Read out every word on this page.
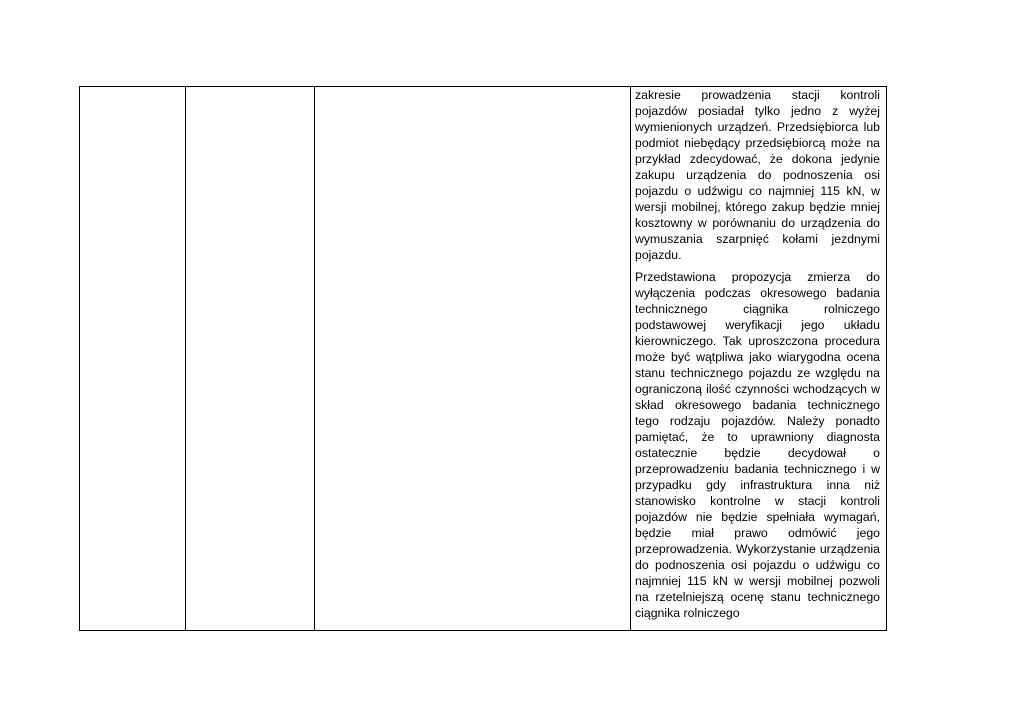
zakresie prowadzenia stacji kontroli pojazdów posiadał tylko jedno z wyżej wymienionych urządzeń. Przedsiębiorca lub podmiot niebędący przedsiębiorcą może na przykład zdecydować, że dokona jedynie zakupu urządzenia do podnoszenia osi pojazdu o udźwigu co najmniej 115 kN, w wersji mobilnej, którego zakup będzie mniej kosztowny w porównaniu do urządzenia do wymuszania szarpnięć kołami jezdnymi pojazdu.

Przedstawiona propozycja zmierza do wyłączenia podczas okresowego badania technicznego ciągnika rolniczego podstawowej weryfikacji jego układu kierowniczego. Tak uproszczona procedura może być wątpliwa jako wiarygodna ocena stanu technicznego pojazdu ze względu na ograniczoną ilość czynności wchodzących w skład okresowego badania technicznego tego rodzaju pojazdów. Należy ponadto pamiętać, że to uprawniony diagnosta ostatecznie będzie decydował o przeprowadzeniu badania technicznego i w przypadku gdy infrastruktura inna niż stanowisko kontrolne w stacji kontroli pojazdów nie będzie spełniała wymagań, będzie miał prawo odmówić jego przeprowadzenia. Wykorzystanie urządzenia do podnoszenia osi pojazdu o udźwigu co najmniej 115 kN w wersji mobilnej pozwoli na rzetelniejszą ocenę stanu technicznego ciągnika rolniczego
